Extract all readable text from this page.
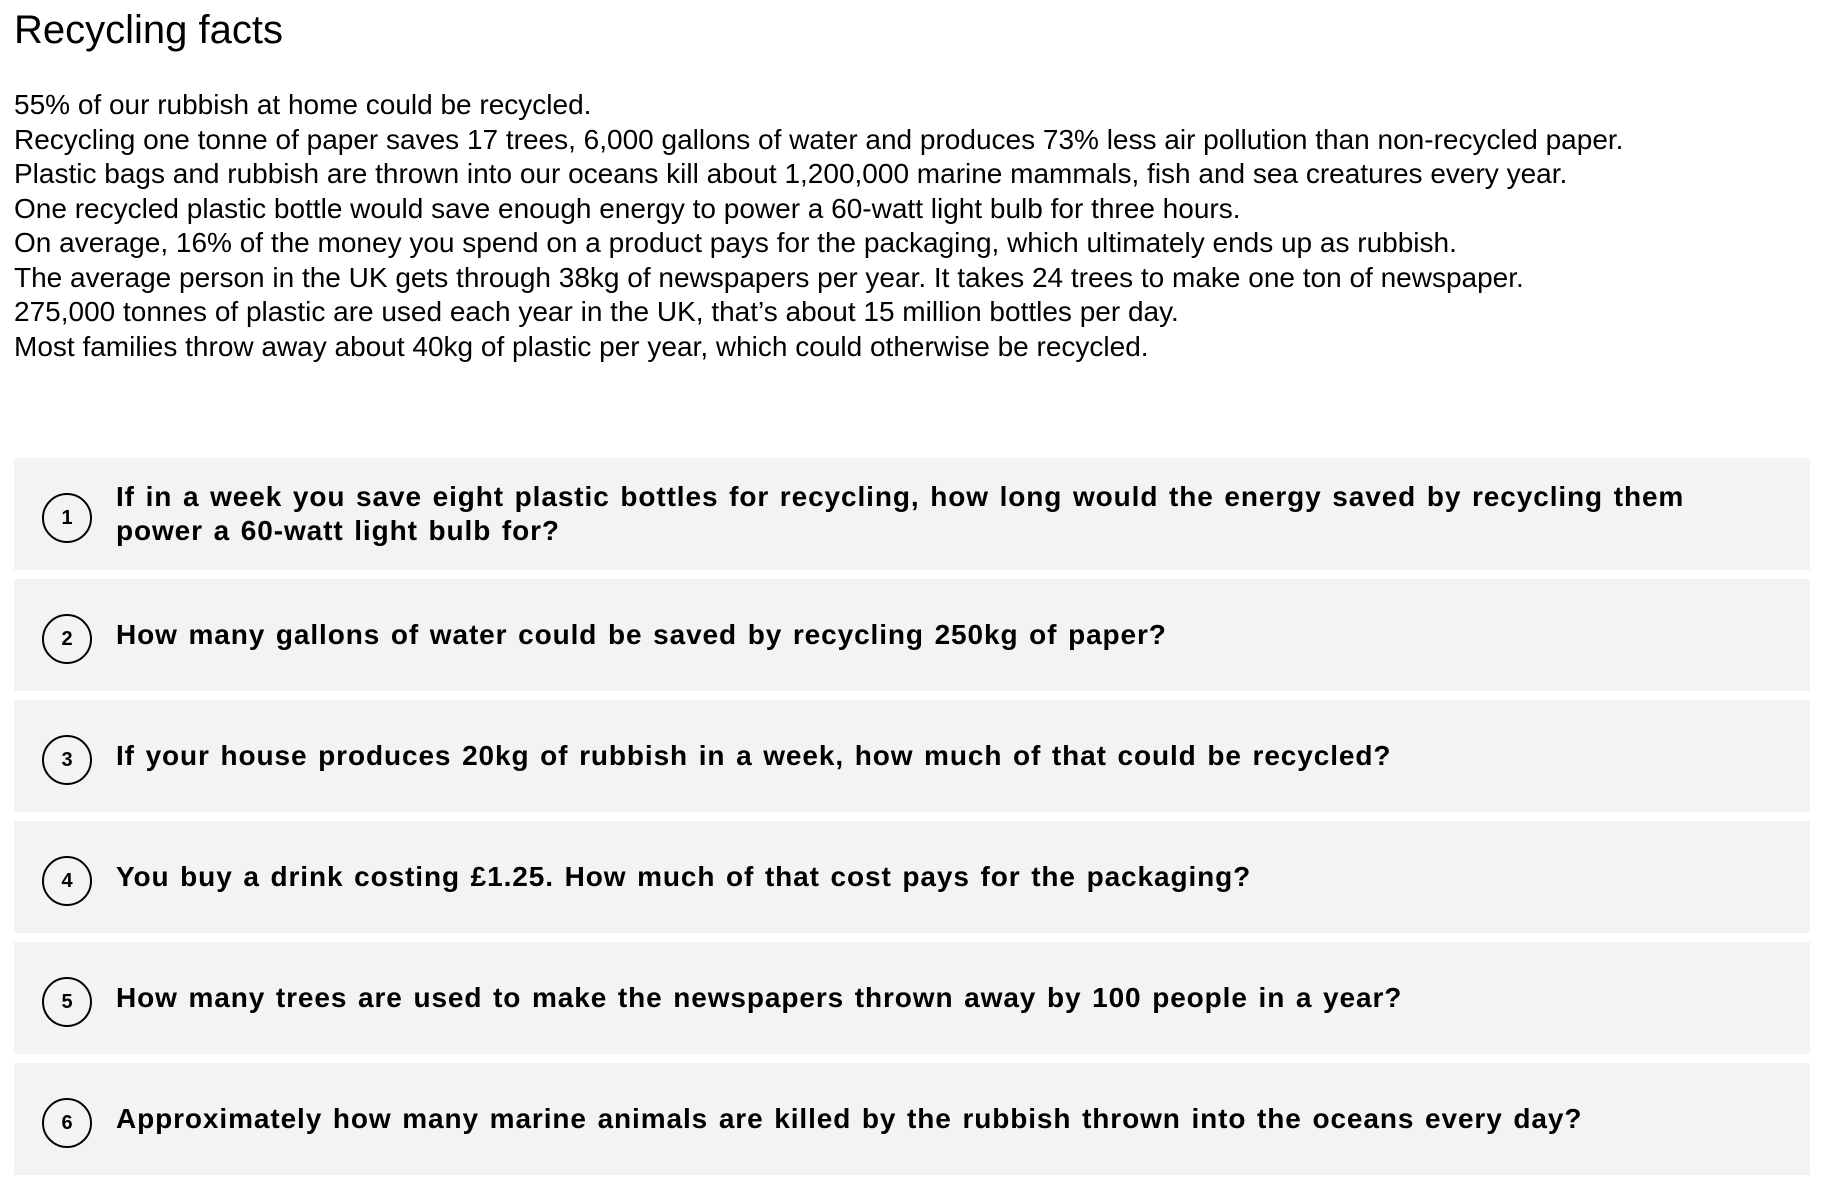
Recycling facts
55% of our rubbish at home could be recycled.
Recycling one tonne of paper saves 17 trees, 6,000 gallons of water and produces 73% less air pollution than non-recycled paper.
Plastic bags and rubbish are thrown into our oceans kill about 1,200,000 marine mammals, fish and sea creatures every year.
One recycled plastic bottle would save enough energy to power a 60-watt light bulb for three hours.
On average, 16% of the money you spend on a product pays for the packaging, which ultimately ends up as rubbish.
The average person in the UK gets through 38kg of newspapers per year. It takes 24 trees to make one ton of newspaper.
275,000 tonnes of plastic are used each year in the UK, that’s about 15 million bottles per day.
Most families throw away about 40kg of plastic per year, which could otherwise be recycled.
1
If in a week you save eight plastic bottles for recycling, how long would the energy saved by recycling them power a 60-watt light bulb for?
2	How many gallons of water could be saved by recycling 250kg of paper?
3	If your house produces 20kg of rubbish in a week, how much of that could be recycled?
4	You buy a drink costing £1.25. How much of that cost pays for the packaging?
5	How many trees are used to make the newspapers thrown away by 100 people in a year?
6	Approximately how many marine animals are killed by the rubbish thrown into the oceans every day?
